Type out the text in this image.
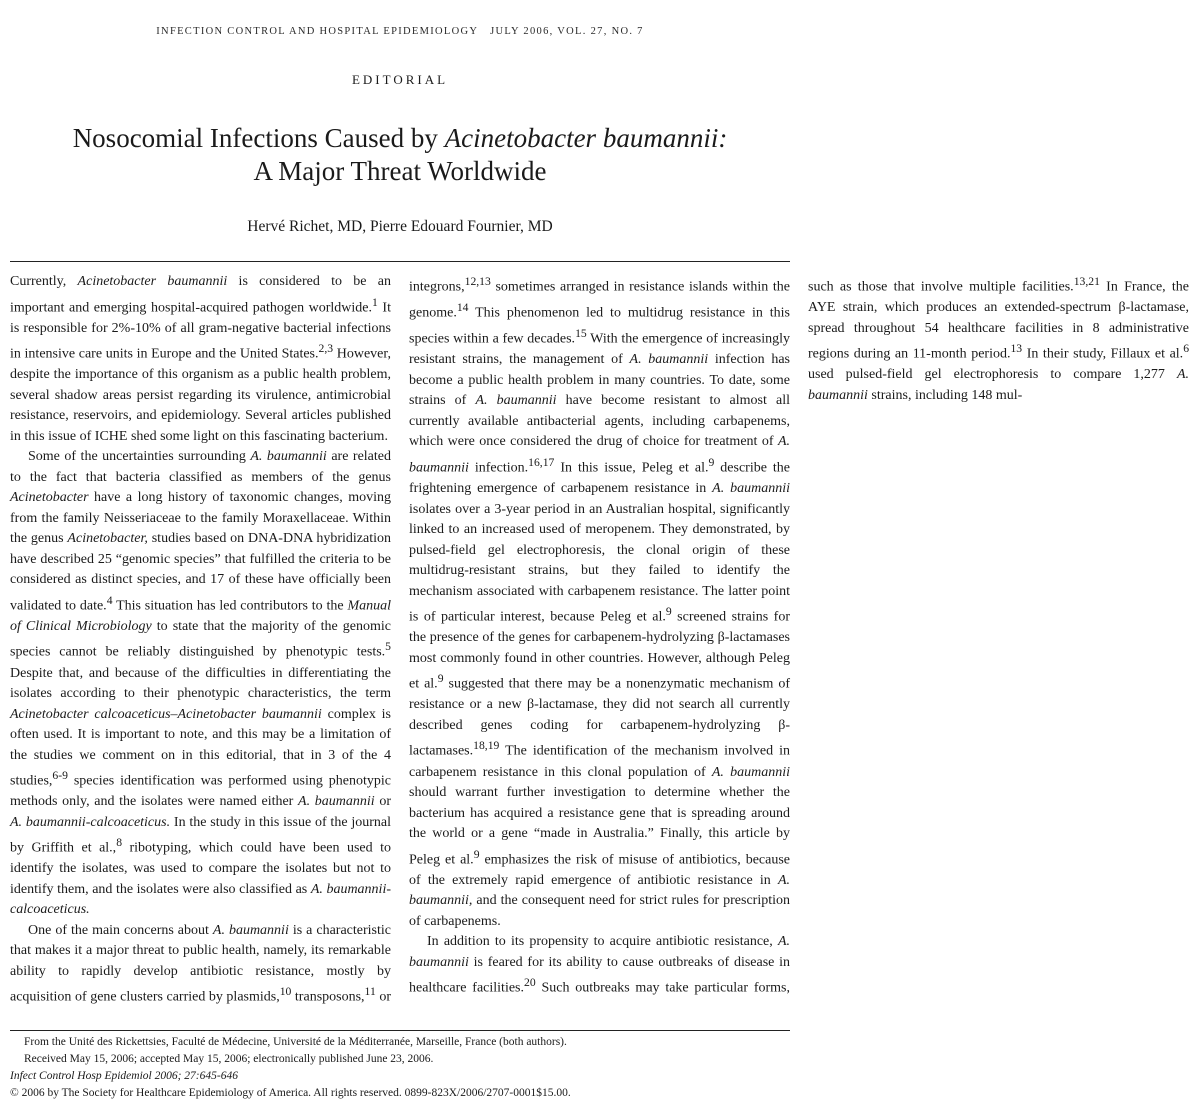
INFECTION CONTROL AND HOSPITAL EPIDEMIOLOGY JULY 2006, VOL. 27, NO. 7
EDITORIAL
Nosocomial Infections Caused by Acinetobacter baumannii:
A Major Threat Worldwide
Hervé Richet, MD, Pierre Edouard Fournier, MD

Currently, Acinetobacter baumannii is considered to be an important and emerging hospital-acquired pathogen worldwide.$^1$ It is responsible for 2%-10% of all gram-negative bacterial infections in intensive care units in Europe and the United States.$^{2,3}$ However, despite the importance of this organism as a public health problem, several shadow areas persist regarding its virulence, antimicrobial resistance, reservoirs, and epidemiology. Several articles published in this issue of ICHE shed some light on this fascinating bacterium.

Some of the uncertainties surrounding A. baumannii are related to the fact that bacteria classified as members of the genus Acinetobacter have a long history of taxonomic changes, moving from the family Neisseriaceae to the family Moraxellaceae. Within the genus Acinetobacter, studies based on DNA-DNA hybridization have described 25 “genomic species” that fulfilled the criteria to be considered as distinct species, and 17 of these have officially been validated to date.$^4$ This situation has led contributors to the Manual of Clinical Microbiology to state that the majority of the genomic species cannot be reliably distinguished by phenotypic tests.$^5$ Despite that, and because of the difficulties in differentiating the isolates according to their phenotypic characteristics, the term Acinetobacter calcoaceticus–Acinetobacter baumannii complex is often used. It is important to note, and this may be a limitation of the studies we comment on in this editorial, that in 3 of the 4 studies,$^{6-9}$ species identification was performed using phenotypic methods only, and the isolates were named either A. baumannii or A. baumannii-calcoaceticus. In the study in this issue of the journal by Griffith et al.,$^8$ ribotyping, which could have been used to identify the isolates, was used to compare the isolates but not to identify them, and the isolates were also classified as A. baumannii-calcoaceticus.

One of the main concerns about A. baumannii is a characteristic that makes it a major threat to public health, namely, its remarkable ability to rapidly develop antibiotic resistance, mostly by acquisition of gene clusters carried by plasmids,$^{10}$ transposons,$^{11}$ or integrons,$^{12,13}$ sometimes arranged in resistance islands within the genome.$^{14}$ This phenomenon led to multidrug resistance in this species within a few decades.$^{15}$ With the emergence of increasingly resistant strains, the management of A. baumannii infection has become a public health problem in many countries. To date, some strains of A. baumannii have become resistant to almost all currently available antibacterial agents, including carbapenems, which were once considered the drug of choice for treatment of A. baumannii infection.$^{16,17}$ In this issue, Peleg et al.$^9$ describe the frightening emergence of carbapenem resistance in A. baumannii isolates over a 3-year period in an Australian hospital, significantly linked to an increased used of meropenem. They demonstrated, by pulsed-field gel electrophoresis, the clonal origin of these multidrug-resistant strains, but they failed to identify the mechanism associated with carbapenem resistance. The latter point is of particular interest, because Peleg et al.$^9$ screened strains for the presence of the genes for carbapenem-hydrolyzing β-lactamases most commonly found in other countries. However, although Peleg et al.$^9$ suggested that there may be a nonenzymatic mechanism of resistance or a new β-lactamase, they did not search all currently described genes coding for carbapenem-hydrolyzing β-lactamases.$^{18,19}$ The identification of the mechanism involved in carbapenem resistance in this clonal population of A. baumannii should warrant further investigation to determine whether the bacterium has acquired a resistance gene that is spreading around the world or a gene “made in Australia.” Finally, this article by Peleg et al.$^9$ emphasizes the risk of misuse of antibiotics, because of the extremely rapid emergence of antibiotic resistance in A. baumannii, and the consequent need for strict rules for prescription of carbapenems.

In addition to its propensity to acquire antibiotic resistance, A. baumannii is feared for its ability to cause outbreaks of disease in healthcare facilities.$^{20}$ Such outbreaks may take particular forms, such as those that involve multiple facilities.$^{13,21}$ In France, the AYE strain, which produces an extended-spectrum β-lactamase, spread throughout 54 healthcare facilities in 8 administrative regions during an 11-month period.$^{13}$ In their study, Fillaux et al.$^6$ used pulsed-field gel electrophoresis to compare 1,277 A. baumannii strains, including 148 mul-

From the Unité des Rickettsies, Faculté de Médecine, Université de la Méditerranée, Marseille, France (both authors).
Received May 15, 2006; accepted May 15, 2006; electronically published June 23, 2006.
Infect Control Hosp Epidemiol 2006; 27:645-646
© 2006 by The Society for Healthcare Epidemiology of America. All rights reserved. 0899-823X/2006/2707-0001$15.00.
